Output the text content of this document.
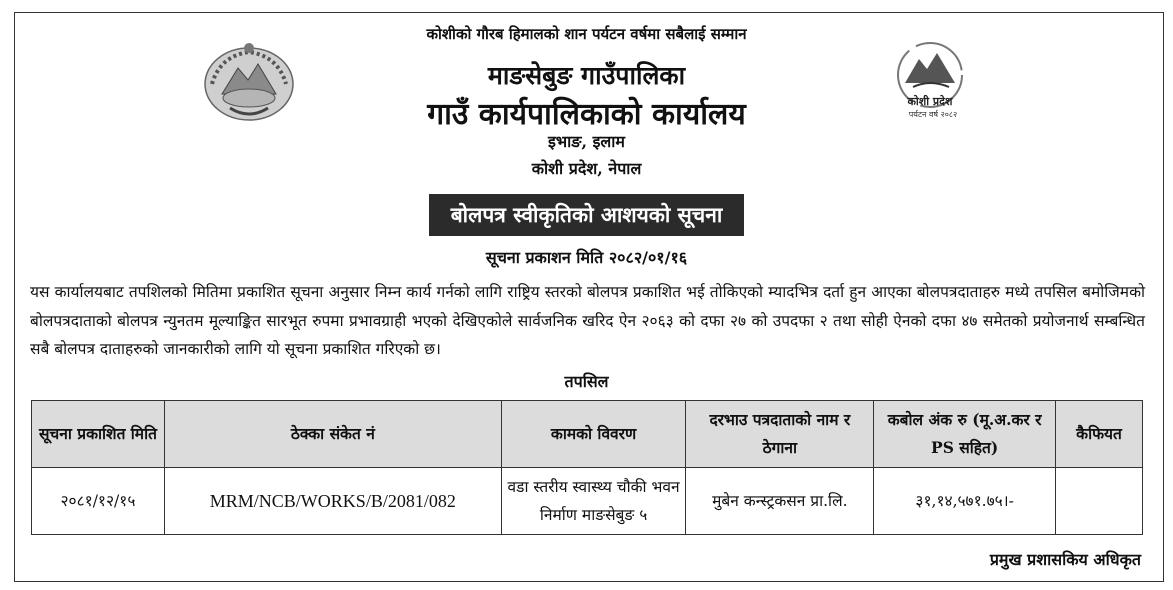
कोशी प्रदेश
पर्यटन वर्ष २०८२
कोशीको गौरब हिमालको शान पर्यटन वर्षमा सबैलाई सम्मान
माङसेबुङ गाउँपालिका
गाउँ कार्यपालिकाको कार्यालय
इभाङ, इलाम
कोशी प्रदेश, नेपाल
बोलपत्र स्वीकृतिको आशयको सूचना
सूचना प्रकाशन मिति २०८२/०१/१६
यस कार्यालयबाट तपशिलको मितिमा प्रकाशित सूचना अनुसार निम्न कार्य गर्नको लागि राष्ट्रिय स्तरको बोलपत्र प्रकाशित भई तोकिएको म्यादभित्र दर्ता हुन आएका बोलपत्रदाताहरु मध्ये तपसिल बमोजिमको बोलपत्रदाताको बोलपत्र न्युनतम मूल्याङ्कित सारभूत रुपमा प्रभावग्राही भएको देखिएकोले सार्वजनिक खरिद ऐन २०६३ को दफा २७ को उपदफा २ तथा सोही ऐनको दफा ४७ समेतको प्रयोजनार्थ सम्बन्धित सबै बोलपत्र दाताहरुको जानकारीको लागि यो सूचना प्रकाशित गरिएको छ।
तपसिल
सूचना प्रकाशित मिति	ठेक्का संकेत नं	कामको विवरण	दरभाउ पत्रदाताको नाम र ठेगाना	कबोल अंक रु (मू.अ.कर र PS सहित)	कैफियत
२०८१/१२/१५	MRM/NCB/WORKS/B/2081/082	वडा स्तरीय स्वास्थ्य चौकी भवन निर्माण माङसेबुङ ५	मुबेन कन्स्ट्रकसन प्रा.लि.	३१,१४,५७१.७५।-	
प्रमुख प्रशासकिय अधिकृत
